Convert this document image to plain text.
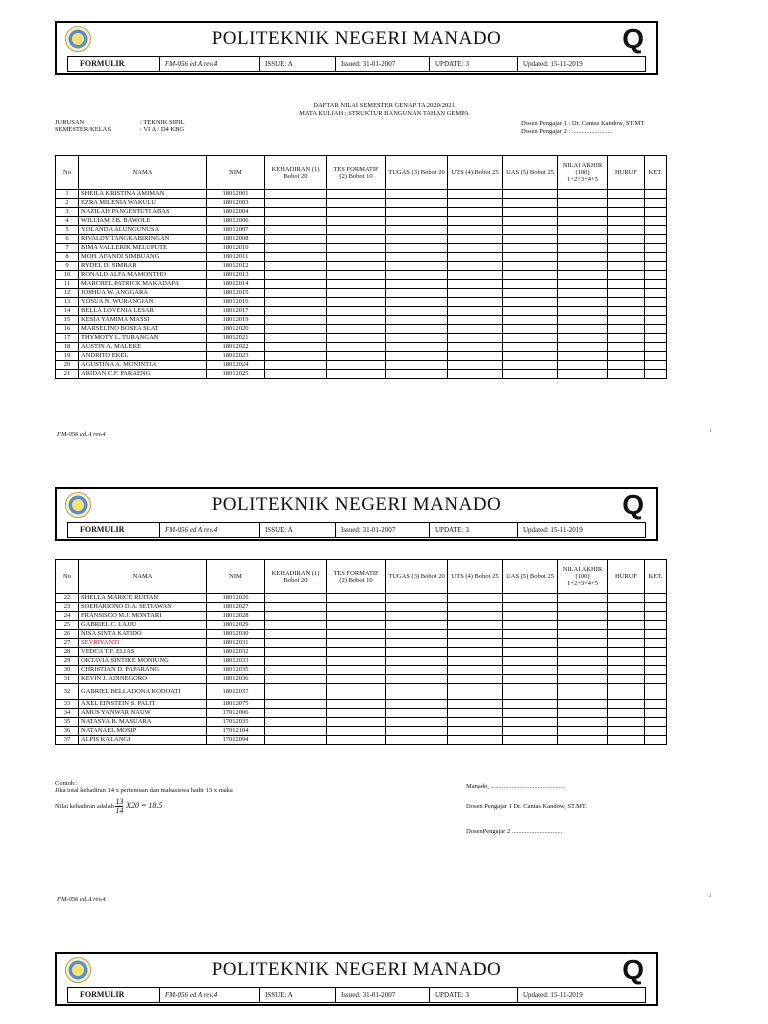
POLITEKNIK NEGERI MANADO	Q
FORMULIR	FM-056 ed A rev.4	ISSUE: A	Issued: 31-01-2007	UPDATE: 3	Updated: 15-11-2019
DAFTAR NILAI SEMESTER GENAP TA 2020/2021
MATA KULIAH : STRUKTUR BANGUNAN TAHAN GEMPA
JURUSAN	: TEKNIK SIPIL
SEMESTER/KELAS	: VI A / D4 KBG
Dosen Pengajar 1 : Dr. Cantas Kandow, ST.MT
Dosen Pengajar 2 : .........................
No	NAMA	NIM	KEHADIRAN (1) Bobot 20	TES FORMATIF (2) Bobot 10	TUGAS (3) Bobot 20	UTS (4) Bobot 25	UAS (5) Bobot 25	NILAI AKHIR (100) 1+2+3+4+5	HURUF	KET.
1	SHEILA KRISTINA AMIMAN	18012001								
2	EZRA MILENIA WAKULU	18012003								
3	NAZILAH PANGESTUTI ABAS	18012004								
4	WILLIAM J.B. BAWOLE	18012006								
5	YOLANDA ALUNGUNUSA	18012007								
6	RIVALDY TANGKABIRINGAN	18012008								
7	BIMA VALLERIK MELUPUTE	18012010								
8	MOH. AFANDI SIMBUANG	18012011								
9	RYDEL D. SIMBAR	18012012								
10	RONALD ALFA MAMONTHO	18012013								
11	MARCHEL PATRICK MAKADAPA	18012014								
12	JOSHUA W. ANGGARA	18012015								
13	YOSUA N. WURANGIAN	18012016								
14	BELLA LOVENIA LESAR	18012017								
15	KESIA YAMIMA MASSI	18012019								
16	MARSELINO BOSEA SLAT	18012020								
17	THYMOTY L. TURANGAN	18012021								
18	AUSTIN A. MALEKE	18012022								
19	ANDRITO EKEL	18012023								
20	AGUSTINA A. MONINTJA	18012024								
21	ARIDAN C.F. PARAENG	18012025								
FM-056 ed.A rev.4	1
POLITEKNIK NEGERI MANADO	Q
FORMULIR	FM-056 ed A rev.4	ISSUE: A	Issued: 31-01-2007	UPDATE: 3	Updated: 15-11-2019
No	NAMA	NIM	KEHADIRAN (1) Bobot 20	TES FORMATIF (2) Bobot 10	TUGAS (3) Bobot 20	UTS (4) Bobot 25	UAS (5) Bobot 25	NILAI AKHIR (100) 1+2+3+4+5	HURUF	KET.
22	SHELLA MARICE RUITAN	18012026								
23	SOEHARIONO D.A. SETIAWAN	18012027								
24	FRANSISCO M.J. MONTARI	18012028								
25	GABRIEL C. LAJJU	18012029								
26	NISA SINTA KATIDO	18012030								
27	SEVRIYANTI	18012031								
28	VEDCA T.F. ELIAS	18012032								
29	OKTAVIA SINTIKE MONIUNG	18012033								
30	CHRISTIAN D. PAPARANG	18012035								
31	KEVIN J. ADINEGORO	18012036								
32	GABRIEL BELLADONA KODOATI	18012037								
33	AXEL EINSTEIN S. PALIT	18012075								
34	AMUS YANWAR NAUW	17012006								
35	NATASYA B. MASUARA	17012035								
36	NATANAEL MOSIP	17012104								
37	ALPIS KALANGI	17012094								
Contoh :
Jika total kehadiran 14 x pertemuan dan mahasiswa hadir 13 x maka
Nilai kehadiran adalah $\frac{13}{14} X20 = 18.5$
Manado, ..............................................
Dosen Pengajar 1 Dr. Cantas Kandow, ST.MT.
DosenPengajar 2 ...............................
FM-056 ed.A rev.4	2
POLITEKNIK NEGERI MANADO	Q
FORMULIR	FM-056 ed A rev.4	ISSUE: A	Issued: 31-01-2007	UPDATE: 3	Updated: 15-11-2019
